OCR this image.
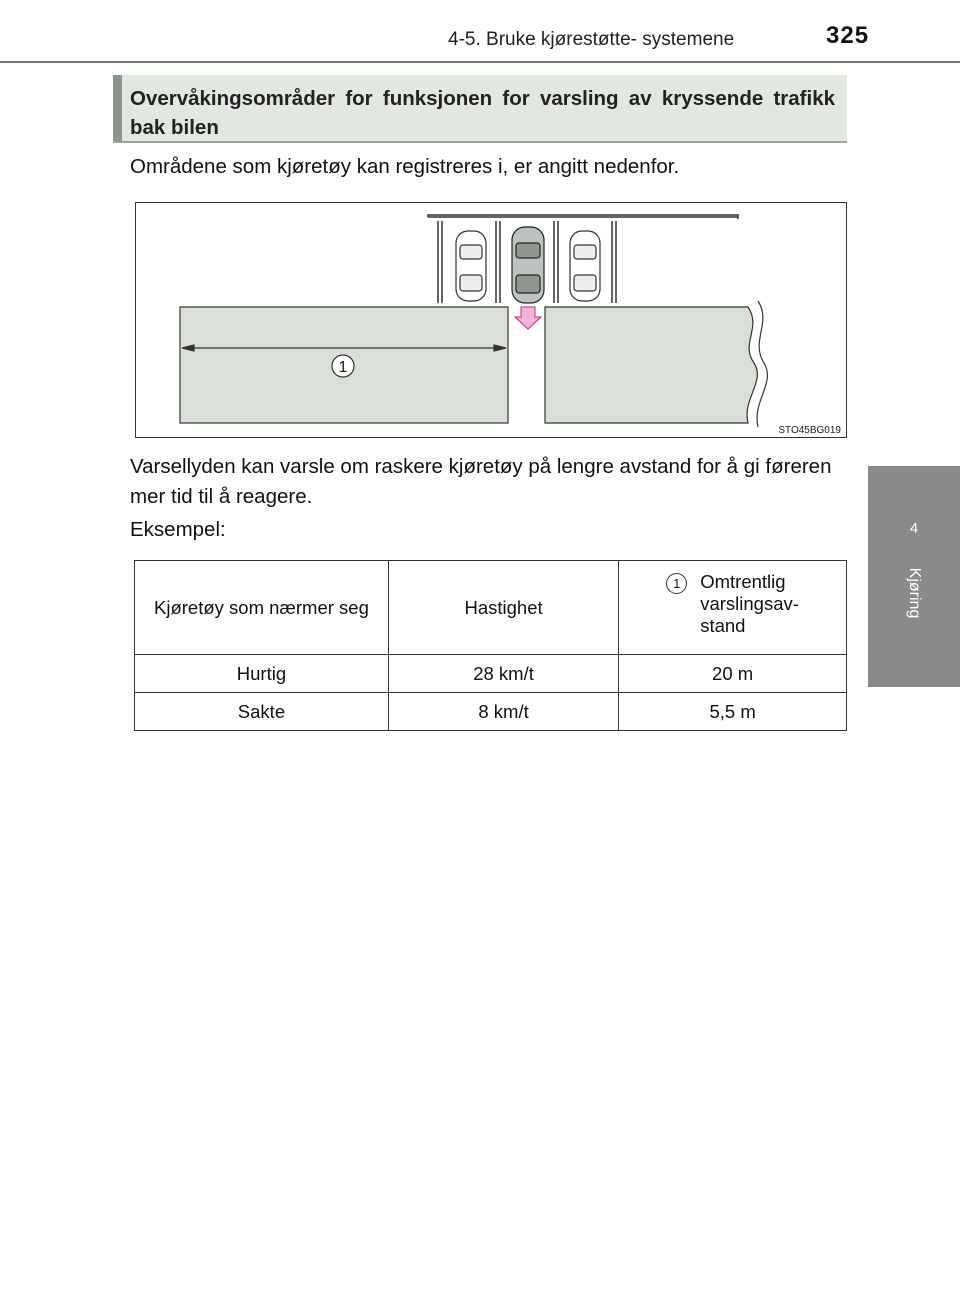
4-5. Bruke kjørestøtte- systemene	325
4
Kjøring
Overvåkingsområder for funksjonen for varsling av kryssende trafikk bak bilen
Områdene som kjøretøy kan registreres i, er angitt nedenfor.
1
STO45BG019
Varsellyden kan varsle om raskere kjøretøy på lengre avstand for å gi føreren mer tid til å reagere.
Eksempel:
Kjøretøy som nærmer seg	Hastighet	1 Omtrentlig
varslingsav-
stand

Hurtig	28 km/t	20 m
Sakte	8 km/t	5,5 m
